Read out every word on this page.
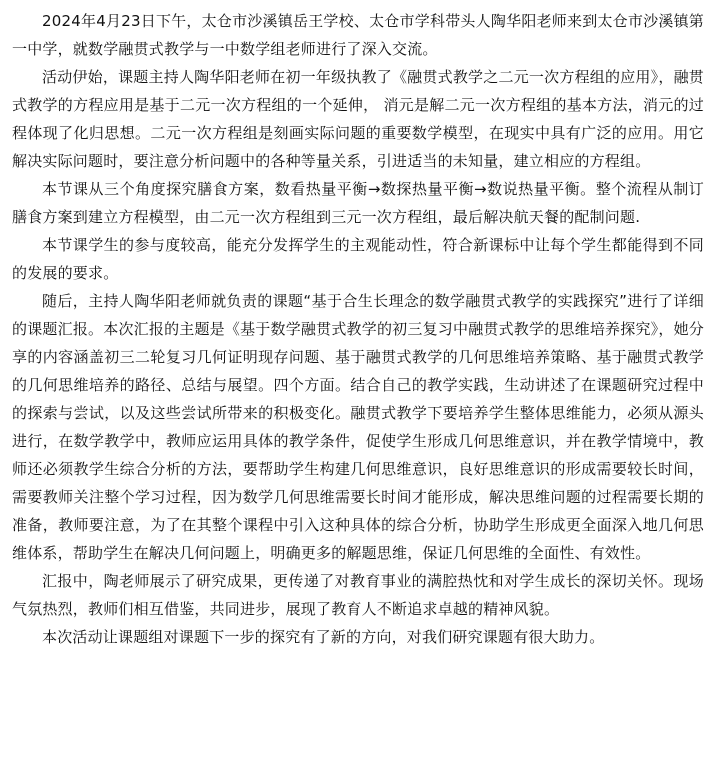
2024年4月23日下午，太仓市沙溪镇岳王学校、太仓市学科带头人陶华阳老师来到太仓市沙溪镇第一中学，就数学融贯式教学与一中数学组老师进行了深入交流。

活动伊始，课题主持人陶华阳老师在初一年级执教了《融贯式教学之二元一次方程组的应用》，融贯式教学的方程应用是基于二元一次方程组的一个延伸， 消元是解二元一次方程组的基本方法，消元的过程体现了化归思想。二元一次方程组是刻画实际问题的重要数学模型，在现实中具有广泛的应用。用它解决实际问题时，要注意分析问题中的各种等量关系，引进适当的未知量，建立相应的方程组。

本节课从三个角度探究膳食方案，数看热量平衡→数探热量平衡→数说热量平衡。整个流程从制订膳食方案到建立方程模型，由二元一次方程组到三元一次方程组，最后解决航天餐的配制问题.

本节课学生的参与度较高，能充分发挥学生的主观能动性，符合新课标中让每个学生都能得到不同的发展的要求。

随后，主持人陶华阳老师就负责的课题“基于合生长理念的数学融贯式教学的实践探究”进行了详细的课题汇报。本次汇报的主题是《基于数学融贯式教学的初三复习中融贯式教学的思维培养探究》，她分享的内容涵盖初三二轮复习几何证明现存问题、基于融贯式教学的几何思维培养策略、基于融贯式教学的几何思维培养的路径、总结与展望。四个方面。结合自己的教学实践，生动讲述了在课题研究过程中的探索与尝试，以及这些尝试所带来的积极变化。融贯式教学下要培养学生整体思维能力，必须从源头进行，在数学教学中，教师应运用具体的教学条件，促使学生形成几何思维意识，并在教学情境中，教师还必须教学生综合分析的方法，要帮助学生构建几何思维意识，良好思维意识的形成需要较长时间，需要教师关注整个学习过程，因为数学几何思维需要长时间才能形成，解决思维问题的过程需要长期的准备，教师要注意，为了在其整个课程中引入这种具体的综合分析，协助学生形成更全面深入地几何思维体系，帮助学生在解决几何问题上，明确更多的解题思维，保证几何思维的全面性、有效性。

汇报中，陶老师展示了研究成果，更传递了对教育事业的满腔热忱和对学生成长的深切关怀。现场气氛热烈，教师们相互借鉴，共同进步，展现了教育人不断追求卓越的精神风貌。

本次活动让课题组对课题下一步的探究有了新的方向，对我们研究课题有很大助力。
